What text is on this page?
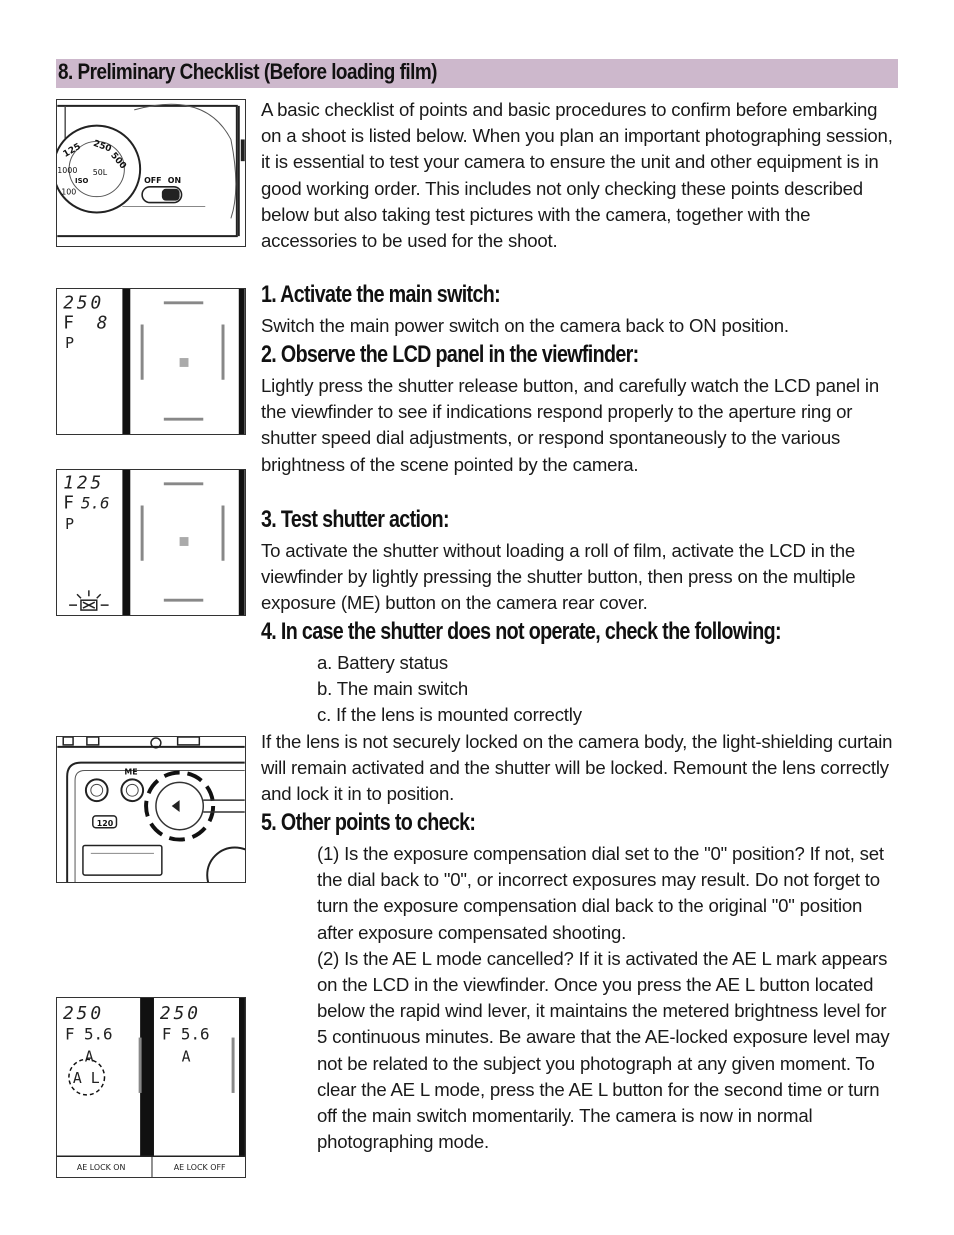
8. Preliminary Checklist (Before loading film)
125 250
500
1000
ISO
100
50L
OFF ON
250
F 8
P
125
F 5.6
P
ME
120
250
F 5.6
A
A L
250
F 5.6
A
AE LOCK ON	AE LOCK OFF

A basic checklist of points and basic procedures to confirm before embarking on a shoot is listed below. When you plan an important photographing session, it is essential to test your camera to ensure the unit and other equipment is in good working order. This includes not only checking these points described below but also taking test pictures with the camera, together with the accessories to be used for the shoot.

1. Activate the main switch:

Switch the main power switch on the camera back to ON position.

2. Observe the LCD panel in the viewfinder:

Lightly press the shutter release button, and carefully watch the LCD panel in the viewfinder to see if indications respond properly to the aperture ring or shutter speed dial adjustments, or respond spontaneously to the various brightness of the scene pointed by the camera.

3. Test shutter action:

To activate the shutter without loading a roll of film, activate the LCD in the viewfinder by lightly pressing the shutter button, then press on the multiple exposure (ME) button on the camera rear cover.

4. In case the shutter does not operate, check the following:

a. Battery status

b. The main switch

c. If the lens is mounted correctly

If the lens is not securely locked on the camera body, the light-shielding curtain will remain activated and the shutter will be locked. Remount the lens correctly and lock it in to position.

5. Other points to check:

(1) Is the exposure compensation dial set to the "0" position? If not, set the dial back to "0", or incorrect exposures may result. Do not forget to turn the exposure compensation dial back to the original "0" position after exposure compensated shooting.

(2) Is the AE L mode cancelled? If it is activated the AE L mark appears on the LCD in the viewfinder. Once you press the AE L button located below the rapid wind lever, it maintains the metered brightness level for 5 continuous minutes. Be aware that the AE-locked exposure level may not be related to the subject you photograph at any given moment. To clear the AE L mode, press the AE L button for the second time or turn off the main switch momentarily. The camera is now in normal photographing mode.
